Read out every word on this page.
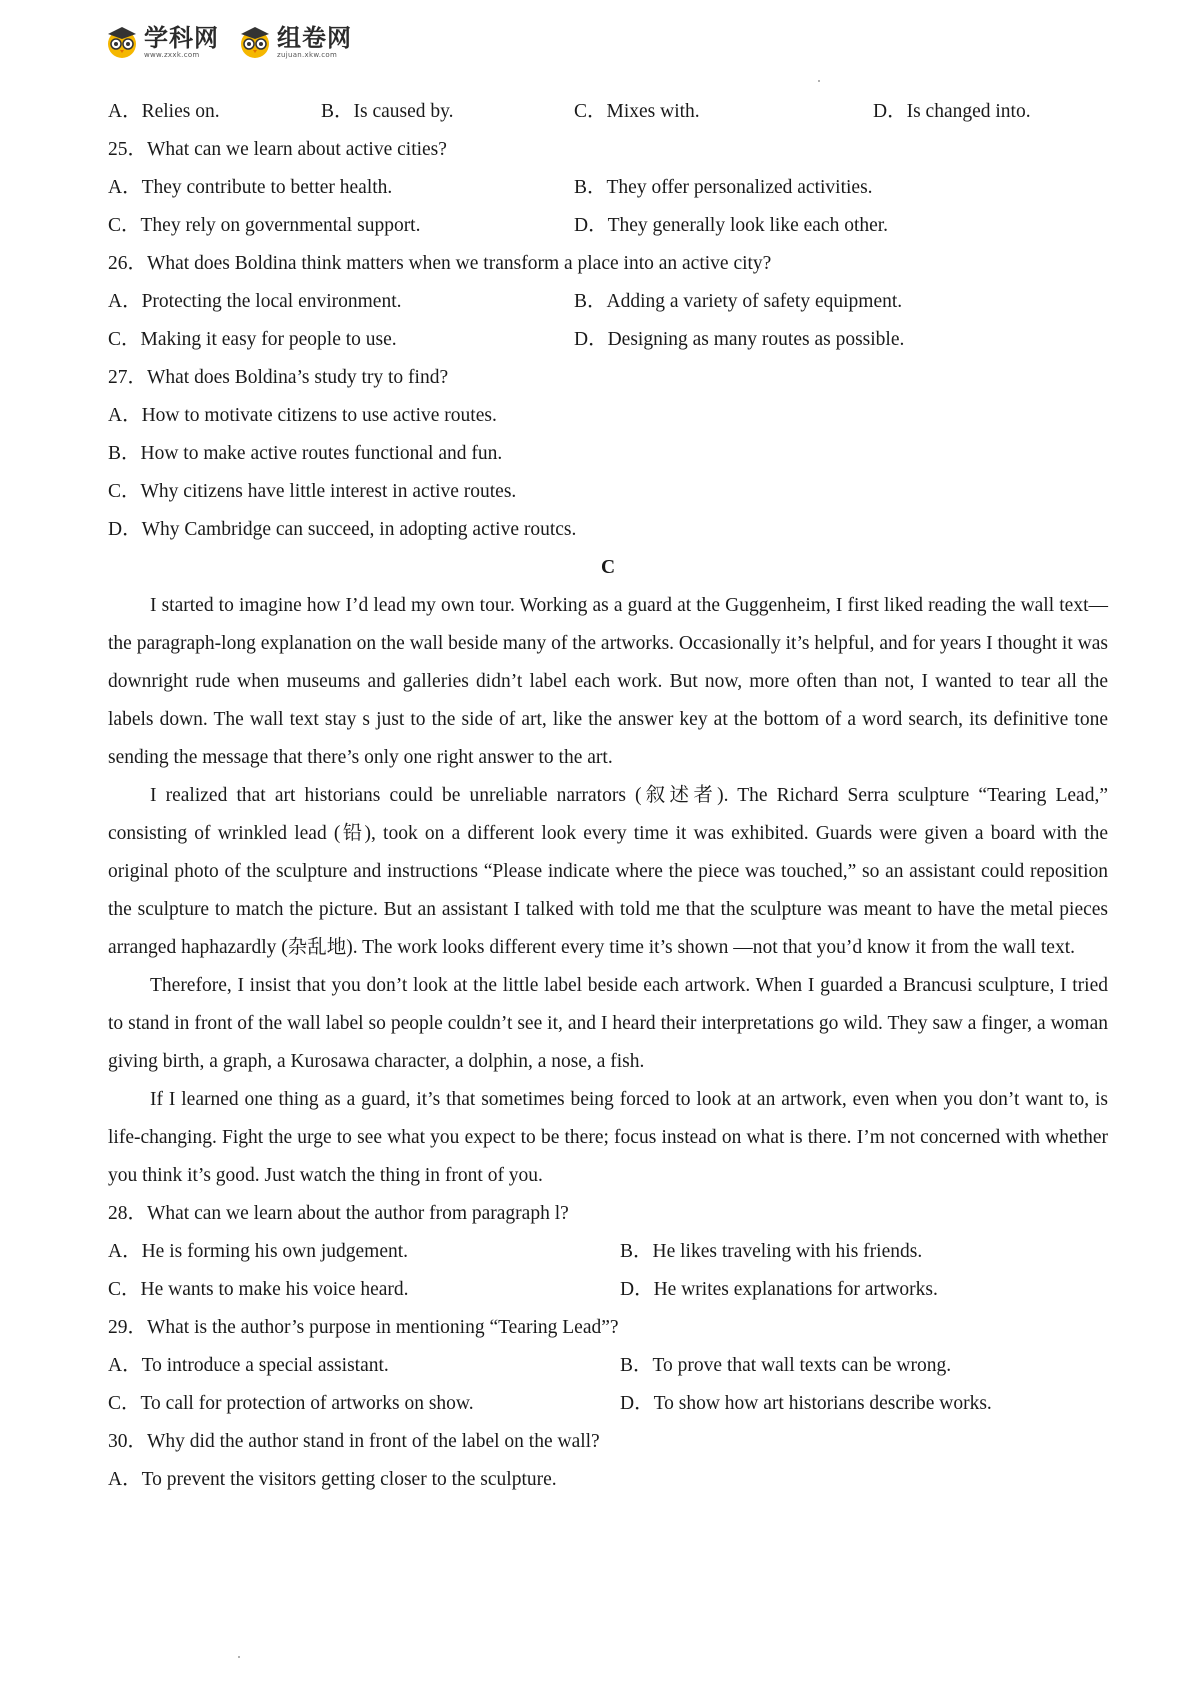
学科网
www.zxxk.com
组卷网
zujuan.xkw.com
A．Relies on.	B．Is caused by.	C．Mixes with.	D．Is changed into.
25．What can we learn about active cities?
A．They contribute to better health.	B．They offer personalized activities.
C．They rely on governmental support.	D．They generally look like each other.
26．What does Boldina think matters when we transform a place into an active city?
A．Protecting the local environment.	B．Adding a variety of safety equipment.
C．Making it easy for people to use.	D．Designing as many routes as possible.
27．What does Boldina’s study try to find?
A．How to motivate citizens to use active routes.
B．How to make active routes functional and fun.
C．Why citizens have little interest in active routes.
D．Why Cambridge can succeed, in adopting active routcs.
C

I started to imagine how I’d lead my own tour. Working as a guard at the Guggenheim, I first liked reading the wall text—the paragraph-long explanation on the wall beside many of the artworks. Occasionally it’s helpful, and for years I thought it was downright rude when museums and galleries didn’t label each work. But now, more often than not, I wanted to tear all the labels down. The wall text stay s just to the side of art, like the answer key at the bottom of a word search, its definitive tone sending the message that there’s only one right answer to the art.

I realized that art historians could be unreliable narrators (叙述者). The Richard Serra sculpture “Tearing Lead,” consisting of wrinkled lead (铅), took on a different look every time it was exhibited. Guards were given a board with the original photo of the sculpture and instructions “Please indicate where the piece was touched,” so an assistant could reposition the sculpture to match the picture. But an assistant I talked with told me that the sculpture was meant to have the metal pieces arranged haphazardly (杂乱地). The work looks different every time it’s shown —not that you’d know it from the wall text.

Therefore, I insist that you don’t look at the little label beside each artwork. When I guarded a Brancusi sculpture, I tried to stand in front of the wall label so people couldn’t see it, and I heard their interpretations go wild. They saw a finger, a woman giving birth, a graph, a Kurosawa character, a dolphin, a nose, a fish.

If I learned one thing as a guard, it’s that sometimes being forced to look at an artwork, even when you don’t want to, is life-changing. Fight the urge to see what you expect to be there; focus instead on what is there. I’m not concerned with whether you think it’s good. Just watch the thing in front of you.

28．What can we learn about the author from paragraph l?
A．He is forming his own judgement.	B．He likes traveling with his friends.
C．He wants to make his voice heard.	D．He writes explanations for artworks.
29．What is the author’s purpose in mentioning “Tearing Lead”?
A．To introduce a special assistant.	B．To prove that wall texts can be wrong.
C．To call for protection of artworks on show.	D．To show how art historians describe works.
30．Why did the author stand in front of the label on the wall?
A．To prevent the visitors getting closer to the sculpture.
